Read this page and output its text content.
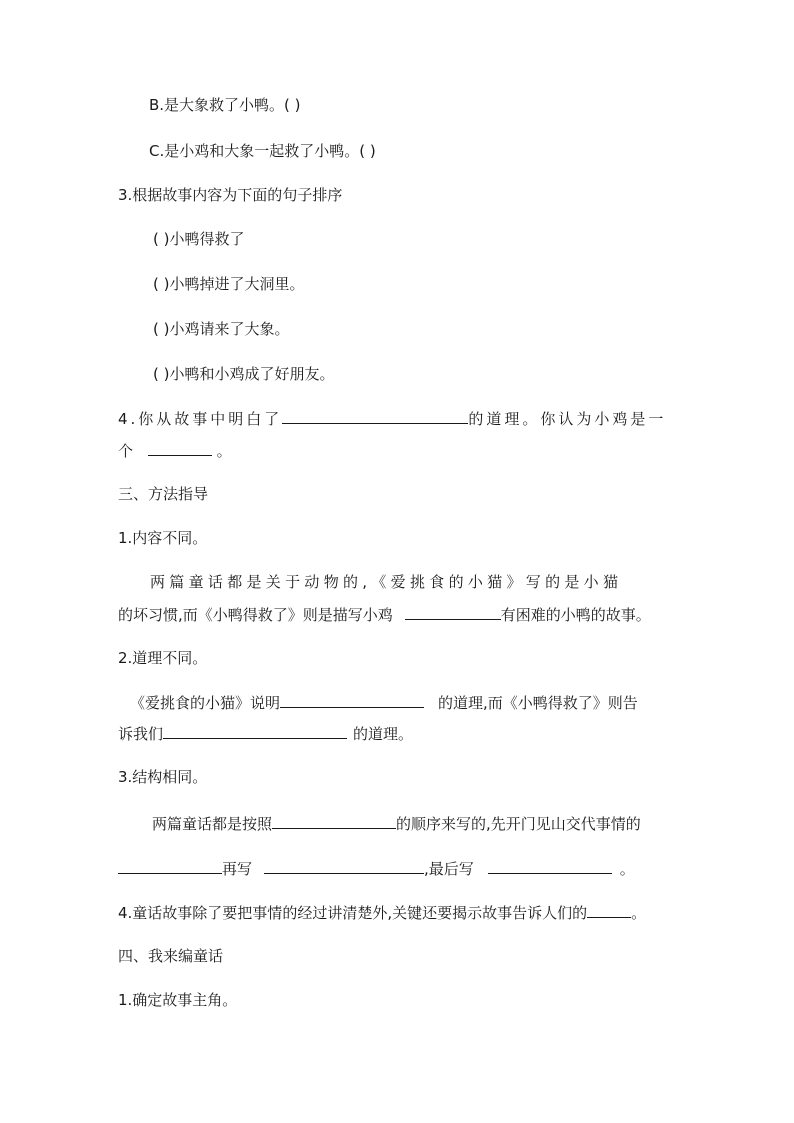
B.是大象救了小鸭。( )
C.是小鸡和大象一起救了小鸭。( )
3.根据故事内容为下面的句子排序
( )小鸭得救了
( )小鸭掉进了大洞里。
( )小鸡请来了大象。
( )小鸭和小鸡成了好朋友。
4.你从故事中明白了	的道理。你认为小鸡是一
个	。
三、方法指导
1.内容不同。
两篇童话都是关于动物的,《爱挑食的小猫》写的是小猫
的坏习惯,而《小鸭得救了》则是描写小鸡	有困难的小鸭的故事。
2.道理不同。
《爱挑食的小猫》说明	的道理,而《小鸭得救了》则告
诉我们	的道理。
3.结构相同。
两篇童话都是按照	的顺序来写的,先开门见山交代事情的
再写	,最后写	。
4.童话故事除了要把事情的经过讲清楚外,关键还要揭示故事告诉人们的	。
四、我来编童话
1.确定故事主角。
